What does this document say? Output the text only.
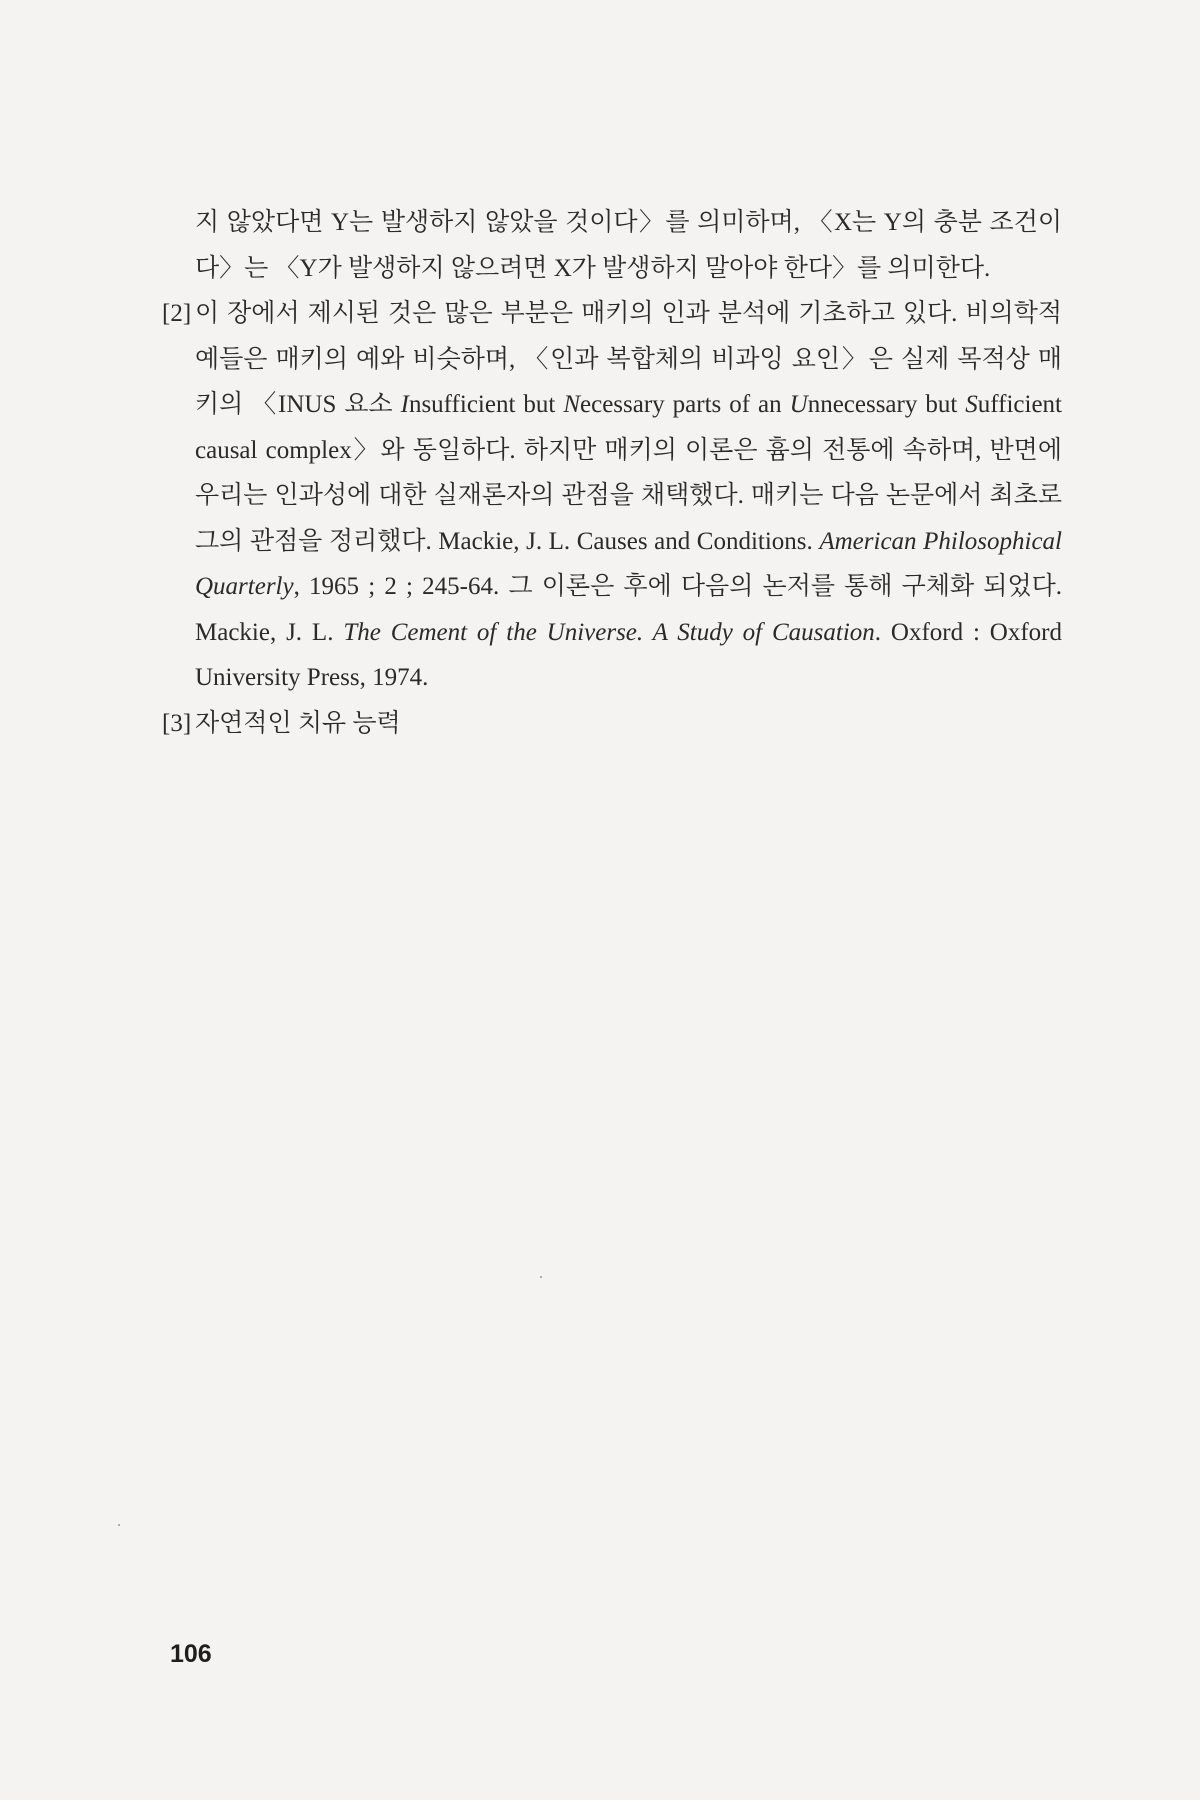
지 않았다면 Y는 발생하지 않았을 것이다〉를 의미하며, 〈X는 Y의 충분 조건이다〉는 〈Y가 발생하지 않으려면 X가 발생하지 말아야 한다〉를 의미한다.

[2] 이 장에서 제시된 것은 많은 부분은 매키의 인과 분석에 기초하고 있다. 비의학적 예들은 매키의 예와 비슷하며, 〈인과 복합체의 비과잉 요인〉은 실제 목적상 매키의 〈INUS 요소 Insufficient but Necessary parts of an Unnecessary but Sufficient causal complex〉와 동일하다. 하지만 매키의 이론은 흄의 전통에 속하며, 반면에 우리는 인과성에 대한 실재론자의 관점을 채택했다. 매키는 다음 논문에서 최초로 그의 관점을 정리했다. Mackie, J. L. Causes and Conditions. American Philosophical Quarterly, 1965 ; 2 ; 245-64. 그 이론은 후에 다음의 논저를 통해 구체화 되었다. Mackie, J. L. The Cement of the Universe. A Study of Causation. Oxford : Oxford University Press, 1974.
[3] 자연적인 치유 능력
106
